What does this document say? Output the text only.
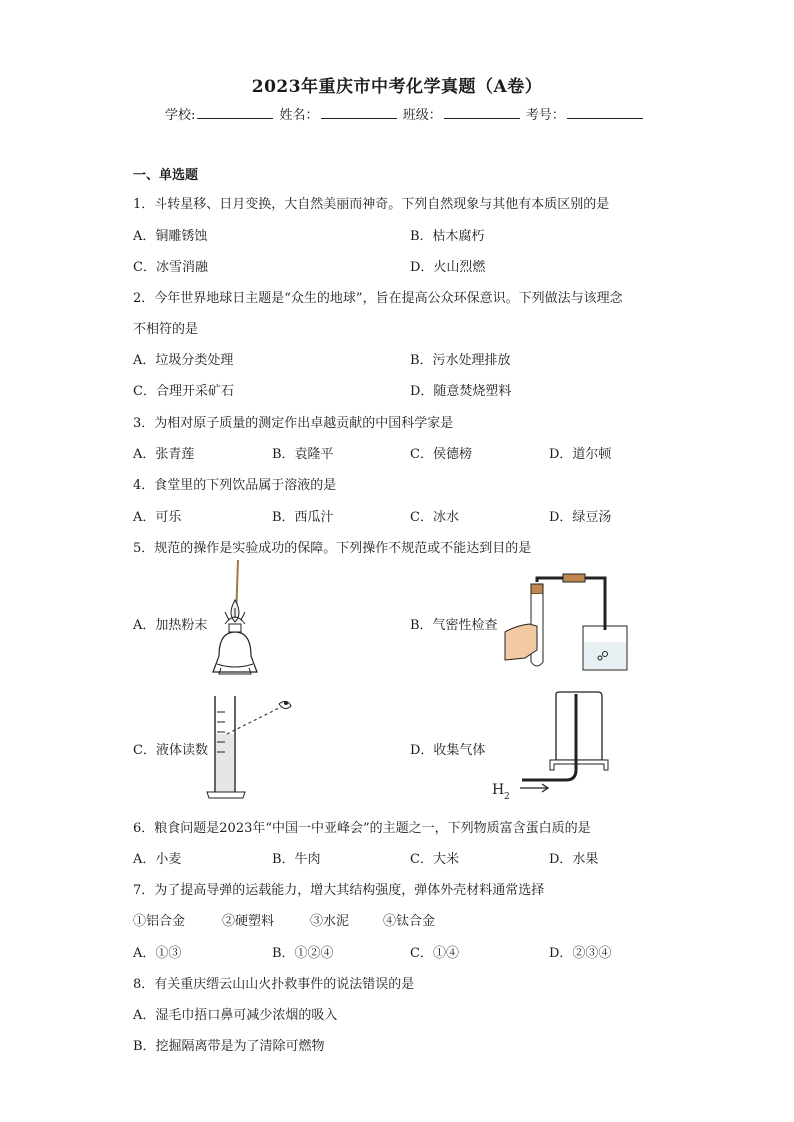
2023年重庆市中考化学真题（A卷）
学校:	姓名：	班级：	考号：
一、单选题
1．斗转星移、日月变换，大自然美丽而神奇。下列自然现象与其他有本质区别的是
A．铜雕锈蚀	B．枯木腐朽
C．冰雪消融	D．火山烈燃
2．今年世界地球日主题是“众生的地球”，旨在提高公众环保意识。下列做法与该理念
不相符的是
A．垃圾分类处理	B．污水处理排放
C．合理开采矿石	D．随意焚烧塑料
3．为相对原子质量的测定作出卓越贡献的中国科学家是
A．张青莲	B．袁隆平	C．侯德榜	D．道尔顿
4．食堂里的下列饮品属于溶液的是
A．可乐	B．西瓜汁	C．冰水	D．绿豆汤
5．规范的操作是实验成功的保障。下列操作不规范或不能达到目的是
A．加热粉末	B．气密性检查
C．液体读数	D．收集气体
H 2
6．粮食问题是2023年“中国一中亚峰会”的主题之一，下列物质富含蛋白质的是
A．小麦	B．牛肉	C．大米	D．水果
7．为了提高导弹的运载能力，增大其结构强度，弹体外壳材料通常选择
①铝合金	②硬塑料	③水泥	④钛合金
A．①③	B．①②④	C．①④	D．②③④
8．有关重庆缙云山山火扑救事件的说法错误的是
A．湿毛巾捂口鼻可减少浓烟的吸入
B．挖掘隔离带是为了清除可燃物
